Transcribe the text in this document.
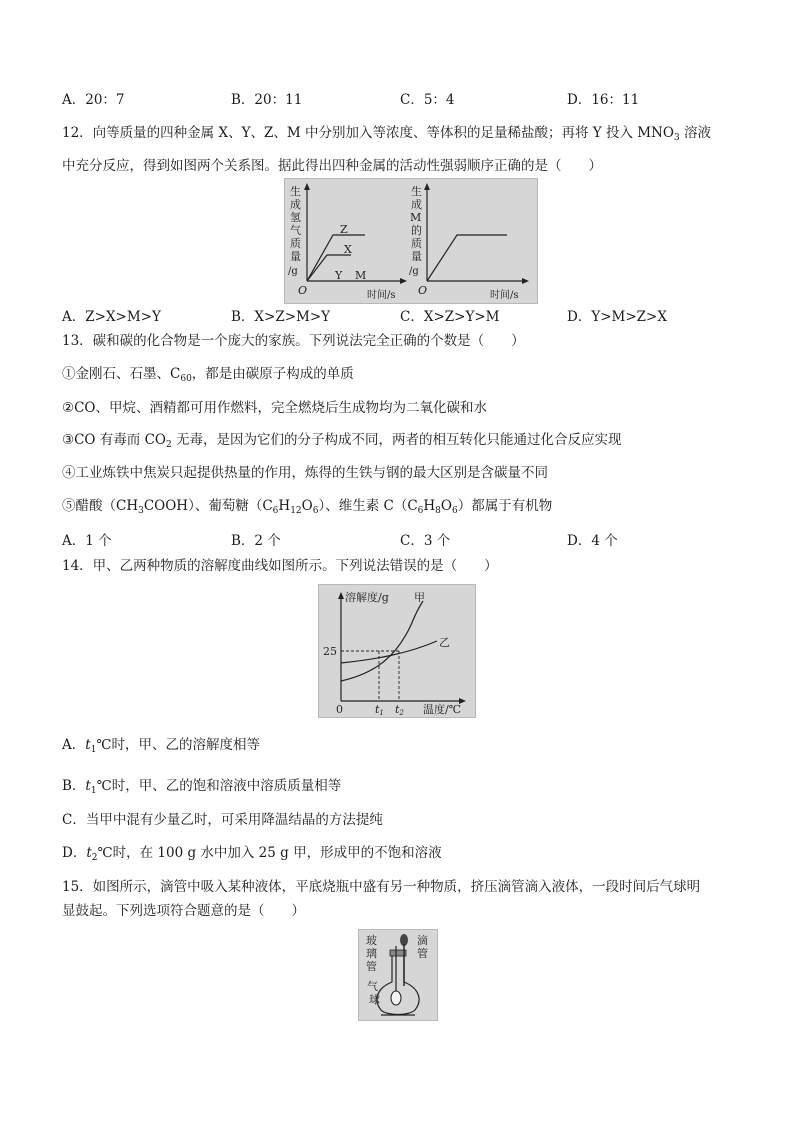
A．20：7	B．20：11	C．5：4	D．16：11
12．向等质量的四种金属 X、Y、Z、M 中分别加入等浓度、等体积的足量稀盐酸；再将 Y 投入 $MNO_3$ 溶液
中充分反应，得到如图两个关系图。据此得出四种金属的活动性强弱顺序正确的是（　　）
生
成
氢
气
质
量
/g
Z
X
Y M
O	时间/s
生
成
M
的
质
量
/g
O	时间/s
A．Z>X>M>Y	B．X>Z>M>Y	C．X>Z>Y>M	D．Y>M>Z>X
13．碳和碳的化合物是一个庞大的家族。下列说法完全正确的个数是（　　）
①金刚石、石墨、$C_{60}$，都是由碳原子构成的单质
②CO、甲烷、酒精都可用作燃料，完全燃烧后生成物均为二氧化碳和水
③CO 有毒而 $CO_2$ 无毒，是因为它们的分子构成不同，两者的相互转化只能通过化合反应实现
④工业炼铁中焦炭只起提供热量的作用，炼得的生铁与钢的最大区别是含碳量不同
⑤醋酸$(CH_3COOH)$、葡萄糖$(C_6H_{12}O_6)$、维生素 $C(C_6H_8O_6)$都属于有机物
A．1 个	B．2 个	C．3 个	D．4 个
14．甲、乙两种物质的溶解度曲线如图所示。下列说法错误的是（　　）
溶解度/g 甲
乙
25
0	t1 t2 温度/℃
A．$t_1℃$时，甲、乙的溶解度相等
B．$t_1℃$时，甲、乙的饱和溶液中溶质质量相等
C．当甲中混有少量乙时，可采用降温结晶的方法提纯
D．$t_2℃$时，在 100 g 水中加入 25 g 甲，形成甲的不饱和溶液
15．如图所示，滴管中吸入某种液体，平底烧瓶中盛有另一种物质，挤压滴管滴入液体，一段时间后气球明
显鼓起。下列选项符合题意的是（　　）
玻
璃
管
滴
管
气
球
